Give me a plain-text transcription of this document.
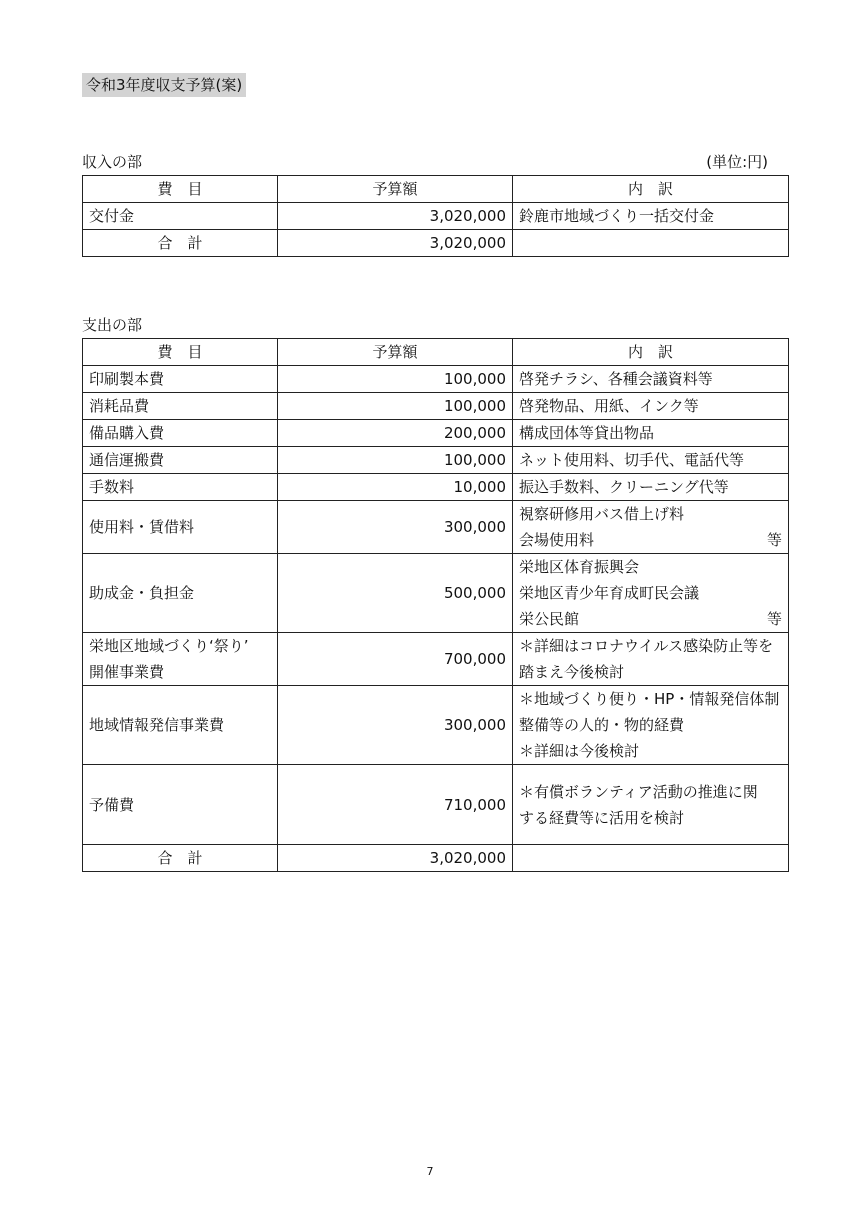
令和3年度収支予算(案)
収入の部	(単位:円)
費　目	予算額	内　訳
交付金	3,020,000	鈴鹿市地域づくり一括交付金
合　計	3,020,000	
支出の部
費　目	予算額	内　訳
印刷製本費	100,000	啓発チラシ、各種会議資料等
消耗品費	100,000	啓発物品、用紙、インク等
備品購入費	200,000	構成団体等貸出物品
通信運搬費	100,000	ネット使用料、切手代、電話代等
手数料	10,000	振込手数料、クリーニング代等
使用料・賃借料	300,000	視察研修用バス借上げ料
会場使用料 等

助成金・負担金	500,000	栄地区体育振興会
栄地区青少年育成町民会議
栄公民館 等

栄地区地域づくり‘祭り’
開催事業費	700,000	＊詳細はコロナウイルス感染防止等を
踏まえ今後検討

地域情報発信事業費	300,000	＊地域づくり便り・HP・情報発信体制
整備等の人的・物的経費
＊詳細は今後検討

予備費	710,000	＊有償ボランティア活動の推進に関
する経費等に活用を検討

合　計	3,020,000	
7
